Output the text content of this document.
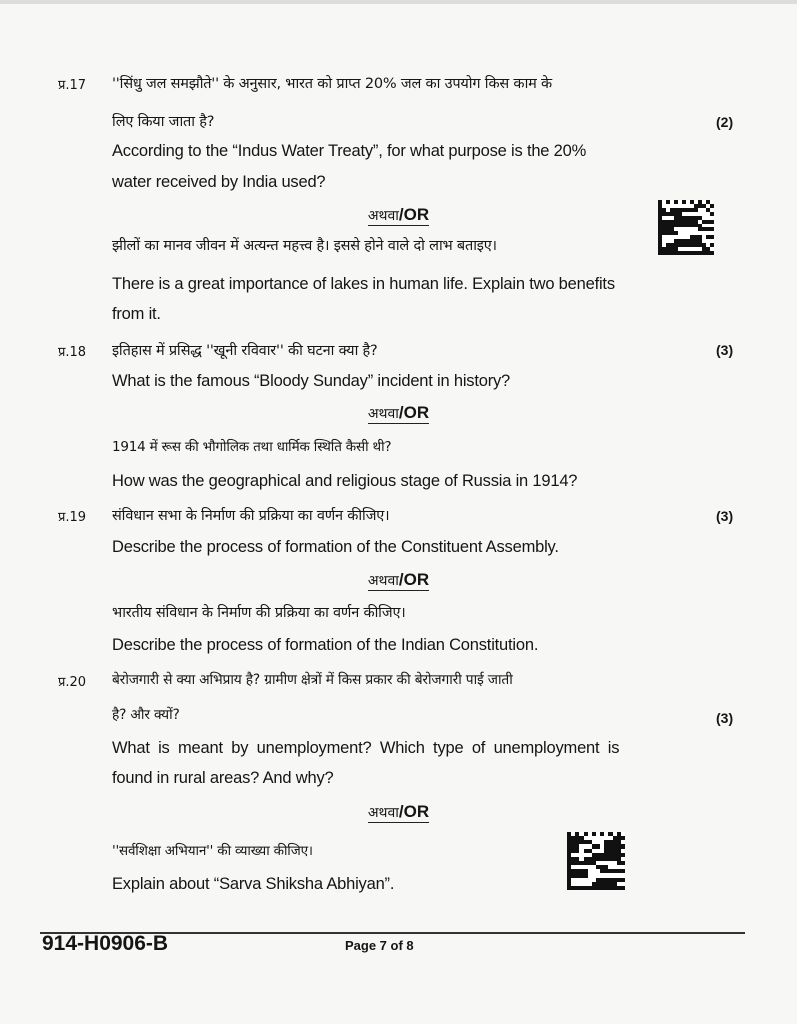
प्र.17 ''सिंधु जल समझौते'' के अनुसार, भारत को प्राप्त 20% जल का उपयोग किस काम के
लिए किया जाता है?	(2)
According to the “Indus Water Treaty”, for what purpose is the 20%
water received by India used?
अथवा/OR
झीलों का मानव जीवन में अत्यन्त महत्त्व है। इससे होने वाले दो लाभ बताइए।
There is a great importance of lakes in human life. Explain two benefits
from it.
प्र.18 इतिहास में प्रसिद्ध ''खूनी रविवार'' की घटना क्या है?	(3)
What is the famous “Bloody Sunday” incident in history?
अथवा/OR
1914 में रूस की भौगोलिक तथा धार्मिक स्थिति कैसी थी?
How was the geographical and religious stage of Russia in 1914?
प्र.19 संविधान सभा के निर्माण की प्रक्रिया का वर्णन कीजिए।	(3)
Describe the process of formation of the Constituent Assembly.
अथवा/OR
भारतीय संविधान के निर्माण की प्रक्रिया का वर्णन कीजिए।
Describe the process of formation of the Indian Constitution.
प्र.20 बेरोजगारी से क्या अभिप्राय है? ग्रामीण क्षेत्रों में किस प्रकार की बेरोजगारी पाई जाती
है? और क्यों?	(3)
What is meant by unemployment? Which type of unemployment is
found in rural areas? And why?
अथवा/OR
''सर्वशिक्षा अभियान'' की व्याख्या कीजिए।
Explain about “Sarva Shiksha Abhiyan”.
914-H0906-B	Page 7 of 8
